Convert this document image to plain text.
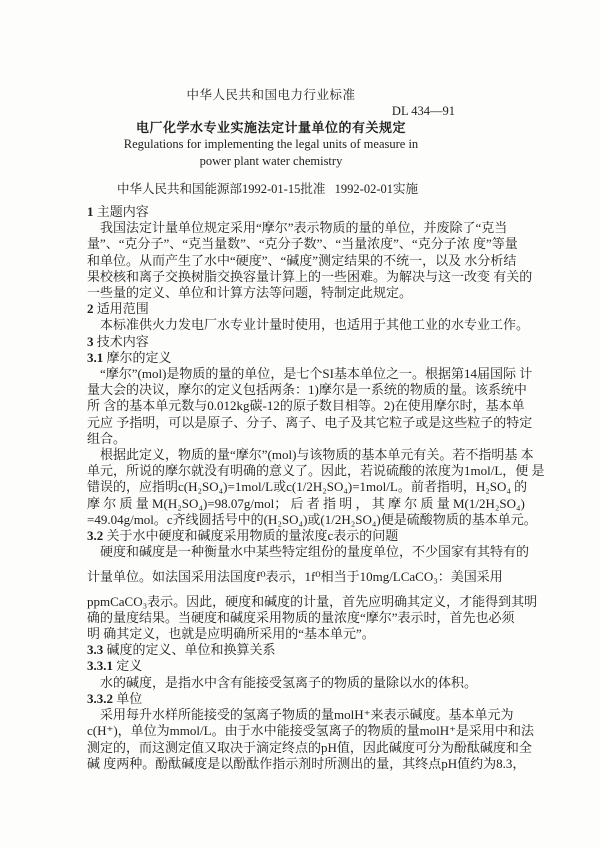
中华人民共和国电力行业标准
DL 434—91
电厂化学水专业实施法定计量单位的有关规定
Regulations for implementing the legal units of measure in
power plant water chemistry
中华人民共和国能源部1992-01-15批准 1992-02-01实施
1 主题内容
我国法定计量单位规定采用“摩尔”表示物质的量的单位，并废除了“克当
量”、“克分子”、“克当量数”、“克分子数”、“当量浓度”、“克分子浓 度”等量
和单位。从而产生了水中“硬度”、“碱度”测定结果的不统一，以及 水分析结
果校核和离子交换树脂交换容量计算上的一些困难。为解决与这一改变 有关的
一些量的定义、单位和计算方法等问题，特制定此规定。
2 适用范围
本标准供火力发电厂水专业计量时使用，也适用于其他工业的水专业工作。
3 技术内容
3.1 摩尔的定义
“摩尔”(mol)是物质的量的单位，是七个SI基本单位之一。根据第14届国际 计
量大会的决议，摩尔的定义包括两条：1)摩尔是一系统的物质的量。该系统中
所 含的基本单元数与0.012kg碳-12的原子数目相等。2)在使用摩尔时，基本单
元应 予指明，可以是原子、分子、离子、电子及其它粒子或是这些粒子的特定
组合。
根据此定义，物质的量“摩尔”(mol)与该物质的基本单元有关。若不指明基 本
单元，所说的摩尔就没有明确的意义了。因此，若说硫酸的浓度为1mol/L，便 是
错误的，应指明c(H₂SO₄)=1mol/L或c(1/2H₂SO₄)=1mol/L。前者指明，H₂SO₄ 的
摩 尔 质 量 M(H₂SO₄)=98.07g/mol； 后 者 指 明 ， 其 摩 尔 质 量 M(1/2H₂SO₄)
=49.04g/mol。c齐线圆括号中的(H₂SO₄)或(1/2H₂SO₄)便是硫酸物质的基本单元。
3.2 关于水中硬度和碱度采用物质的量浓度c表示的问题
硬度和碱度是一种衡量水中某些特定组份的量度单位，不少国家有其特有的
计量单位。如法国采用法国度f⁰表示，1f⁰相当于10mg/LCaCO₃：美国采用
ppmCaCO₃表示。因此，硬度和碱度的计量，首先应明确其定义，才能得到其明
确的量度结果。当硬度和碱度采用物质的量浓度“摩尔”表示时，首先也必须
明 确其定义，也就是应明确所采用的“基本单元”。
3.3 碱度的定义、单位和换算关系
3.3.1 定义
水的碱度，是指水中含有能接受氢离子的物质的量除以水的体积。
3.3.2 单位
采用每升水样所能接受的氢离子物质的量molH⁺来表示碱度。基本单元为
c(H⁺)，单位为mmol/L。由于水中能接受氢离子的物质的量molH⁺是采用中和法
测定的，而这测定值又取决于滴定终点的pH值，因此碱度可分为酚酞碱度和全
碱 度两种。酚酞碱度是以酚酞作指示剂时所测出的量，其终点pH值约为8.3，
